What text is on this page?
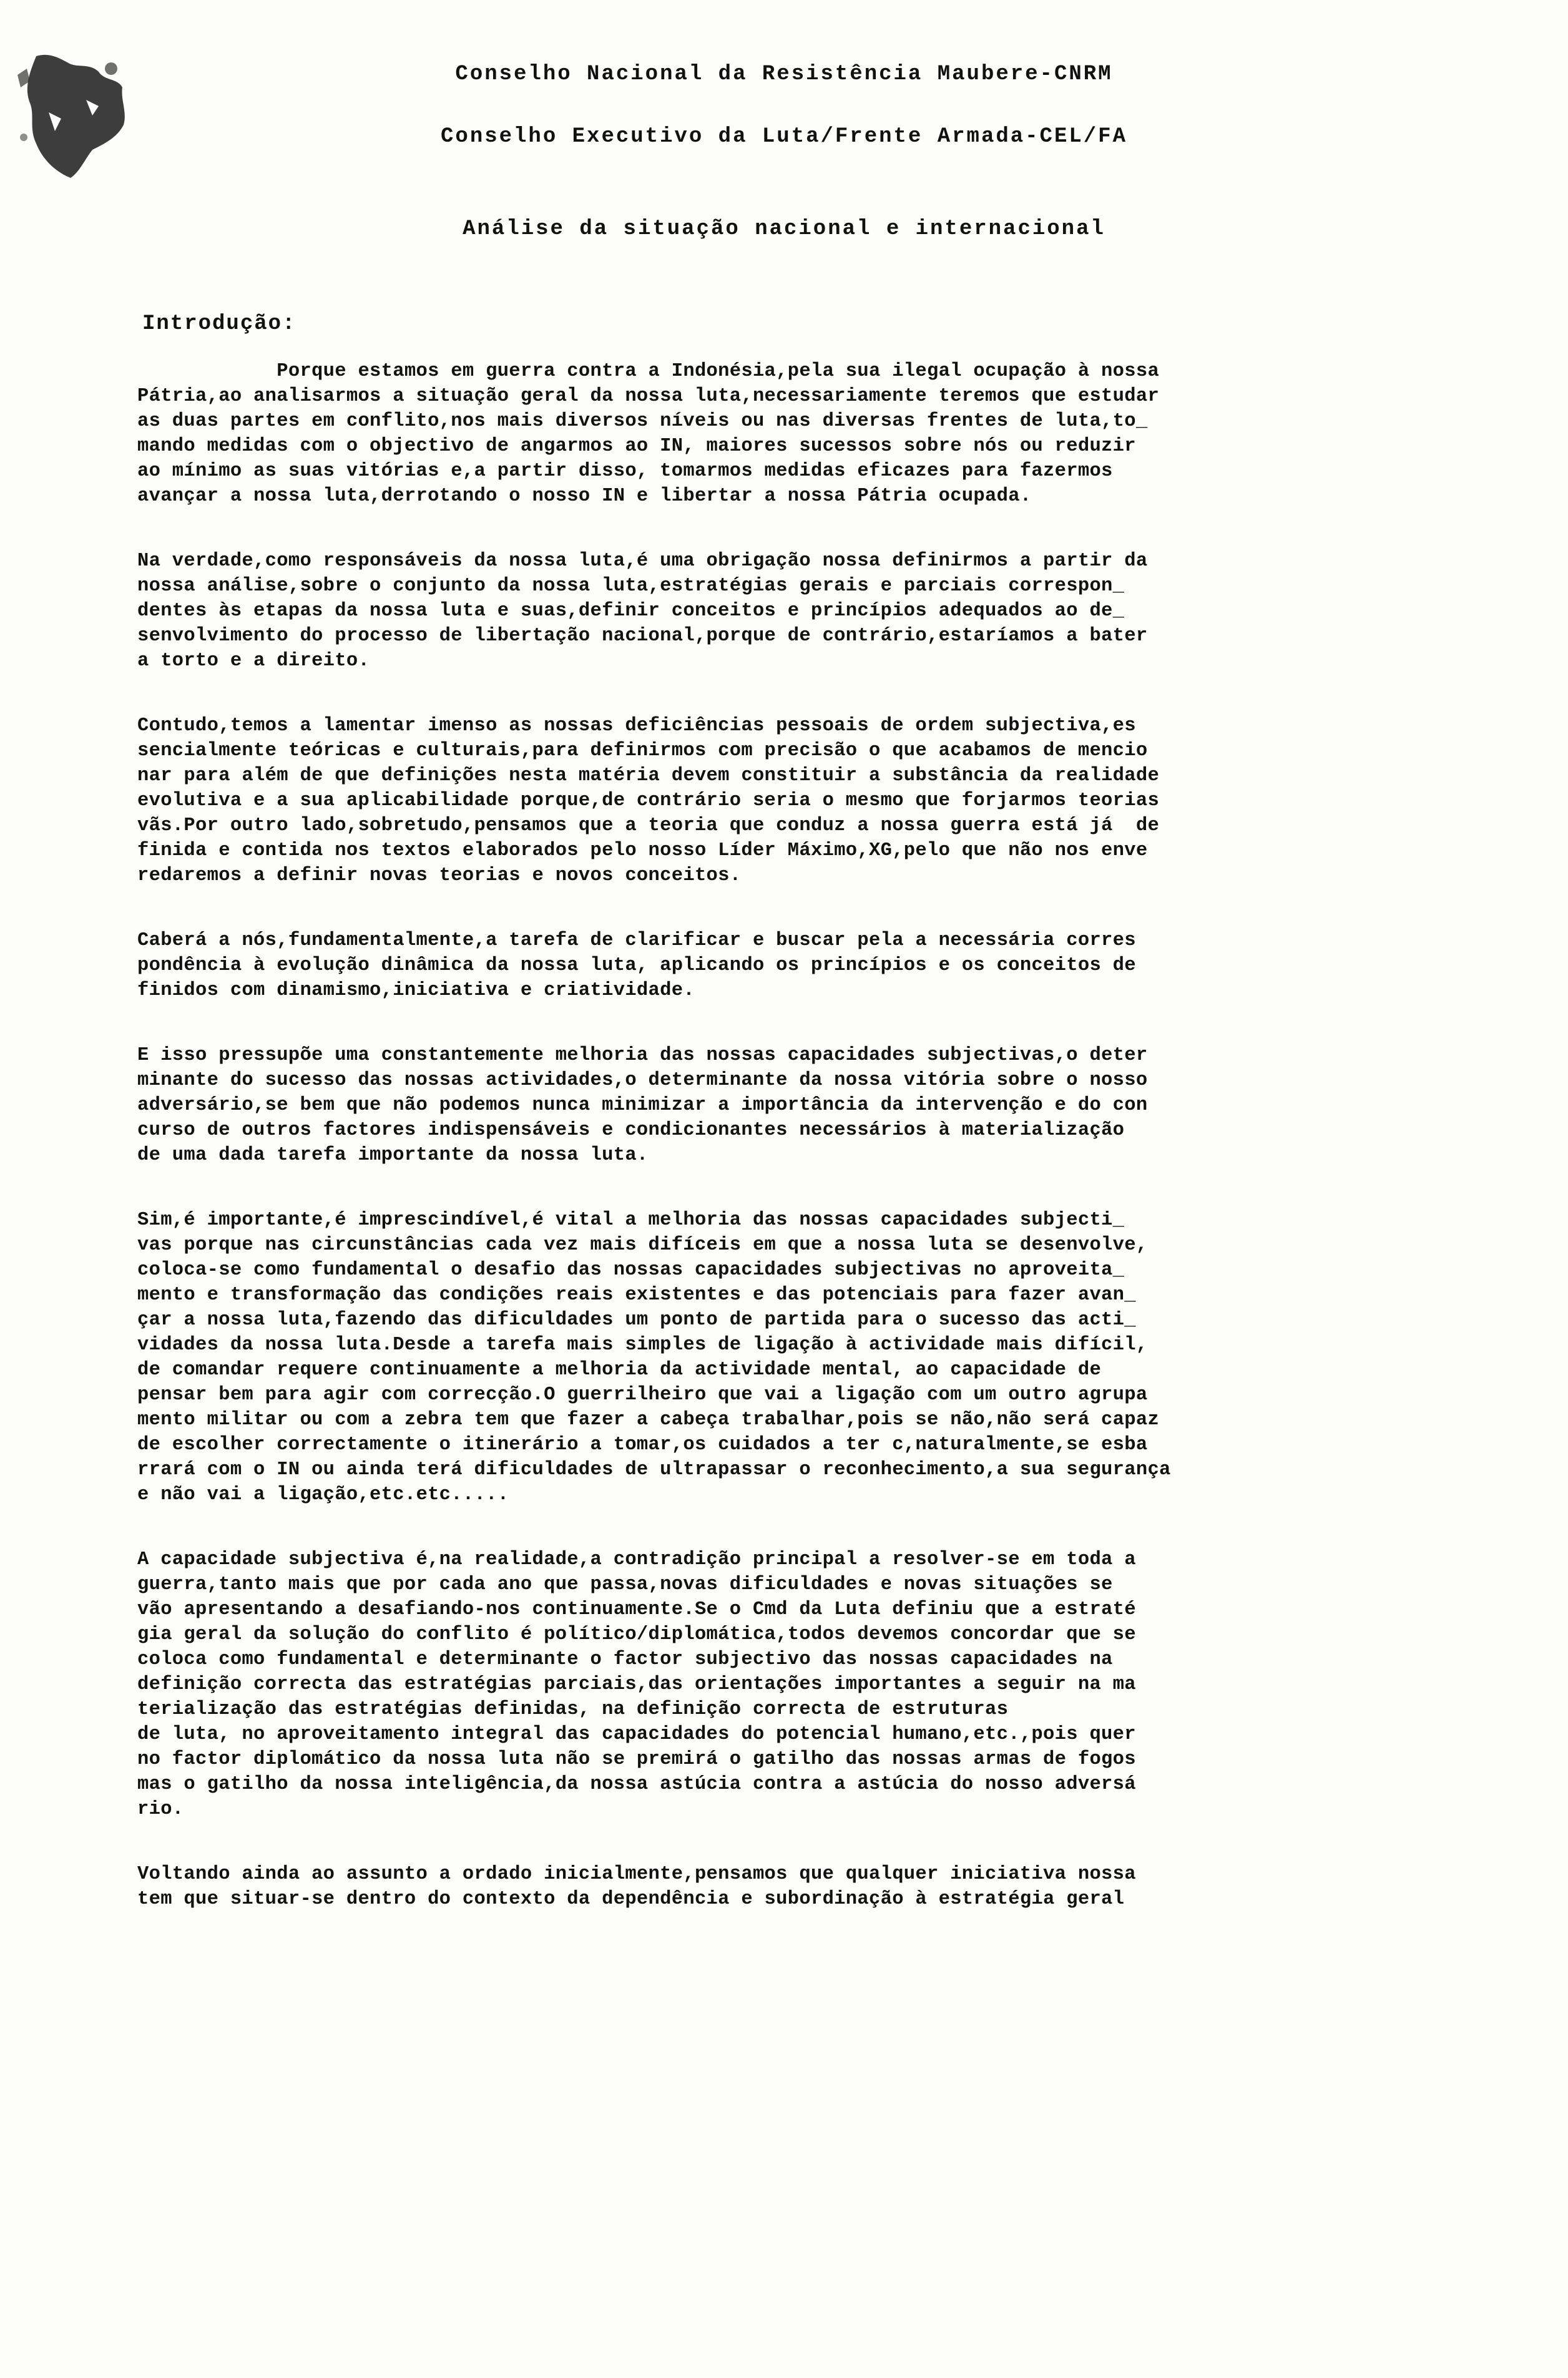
Conselho Nacional da Resistência Maubere-CNRM
Conselho Executivo da Luta/Frente Armada-CEL/FA
Análise da situação nacional e internacional
Introdução:
Porque estamos em guerra contra a Indonésia,pela sua ilegal ocupação à nossa
Pátria,ao analisarmos a situação geral da nossa luta,necessariamente teremos que estudar
as duas partes em conflito,nos mais diversos níveis ou nas diversas frentes de luta,to_
mando medidas com o objectivo de angarmos ao IN, maiores sucessos sobre nós ou reduzir
ao mínimo as suas vitórias e,a partir disso, tomarmos medidas eficazes para fazermos
avançar a nossa luta,derrotando o nosso IN e libertar a nossa Pátria ocupada.
Na verdade,como responsáveis da nossa luta,é uma obrigação nossa definirmos a partir da
nossa análise,sobre o conjunto da nossa luta,estratégias gerais e parciais correspon_
dentes às etapas da nossa luta e suas,definir conceitos e princípios adequados ao de_
senvolvimento do processo de libertação nacional,porque de contrário,estaríamos a bater
a torto e a direito.
Contudo,temos a lamentar imenso as nossas deficiências pessoais de ordem subjectiva,es
sencialmente teóricas e culturais,para definirmos com precisão o que acabamos de mencio
nar para além de que definições nesta matéria devem constituir a substância da realidade
evolutiva e a sua aplicabilidade porque,de contrário seria o mesmo que forjarmos teorias
vãs.Por outro lado,sobretudo,pensamos que a teoria que conduz a nossa guerra está já  de
finida e contida nos textos elaborados pelo nosso Líder Máximo,XG,pelo que não nos enve
redaremos a definir novas teorias e novos conceitos.
Caberá a nós,fundamentalmente,a tarefa de clarificar e buscar pela a necessária corres
pondência à evolução dinâmica da nossa luta, aplicando os princípios e os conceitos de
finidos com dinamismo,iniciativa e criatividade.
E isso pressupõe uma constantemente melhoria das nossas capacidades subjectivas,o deter
minante do sucesso das nossas actividades,o determinante da nossa vitória sobre o nosso
adversário,se bem que não podemos nunca minimizar a importância da intervenção e do con
curso de outros factores indispensáveis e condicionantes necessários à materialização
de uma dada tarefa importante da nossa luta.
Sim,é importante,é imprescindível,é vital a melhoria das nossas capacidades subjecti_
vas porque nas circunstâncias cada vez mais difíceis em que a nossa luta se desenvolve,
coloca-se como fundamental o desafio das nossas capacidades subjectivas no aproveita_
mento e transformação das condições reais existentes e das potenciais para fazer avan_
çar a nossa luta,fazendo das dificuldades um ponto de partida para o sucesso das acti_
vidades da nossa luta.Desde a tarefa mais simples de ligação à actividade mais difícil,
de comandar requere continuamente a melhoria da actividade mental, ao capacidade de
pensar bem para agir com correcção.O guerrilheiro que vai a ligação com um outro agrupa
mento militar ou com a zebra tem que fazer a cabeça trabalhar,pois se não,não será capaz
de escolher correctamente o itinerário a tomar,os cuidados a ter c,naturalmente,se esba
rrará com o IN ou ainda terá dificuldades de ultrapassar o reconhecimento,a sua segurança
e não vai a ligação,etc.etc.....
A capacidade subjectiva é,na realidade,a contradição principal a resolver-se em toda a
guerra,tanto mais que por cada ano que passa,novas dificuldades e novas situações se
vão apresentando a desafiando-nos continuamente.Se o Cmd da Luta definiu que a estraté
gia geral da solução do conflito é político/diplomática,todos devemos concordar que se
coloca como fundamental e determinante o factor subjectivo das nossas capacidades na
definição correcta das estratégias parciais,das orientações importantes a seguir na ma
terialização das estratégias definidas, na definição correcta de estruturas
de luta, no aproveitamento integral das capacidades do potencial humano,etc.,pois quer
no factor diplomático da nossa luta não se premirá o gatilho das nossas armas de fogos
mas o gatilho da nossa inteligência,da nossa astúcia contra a astúcia do nosso adversá
rio.
Voltando ainda ao assunto a ordado inicialmente,pensamos que qualquer iniciativa nossa
tem que situar-se dentro do contexto da dependência e subordinação à estratégia geral
